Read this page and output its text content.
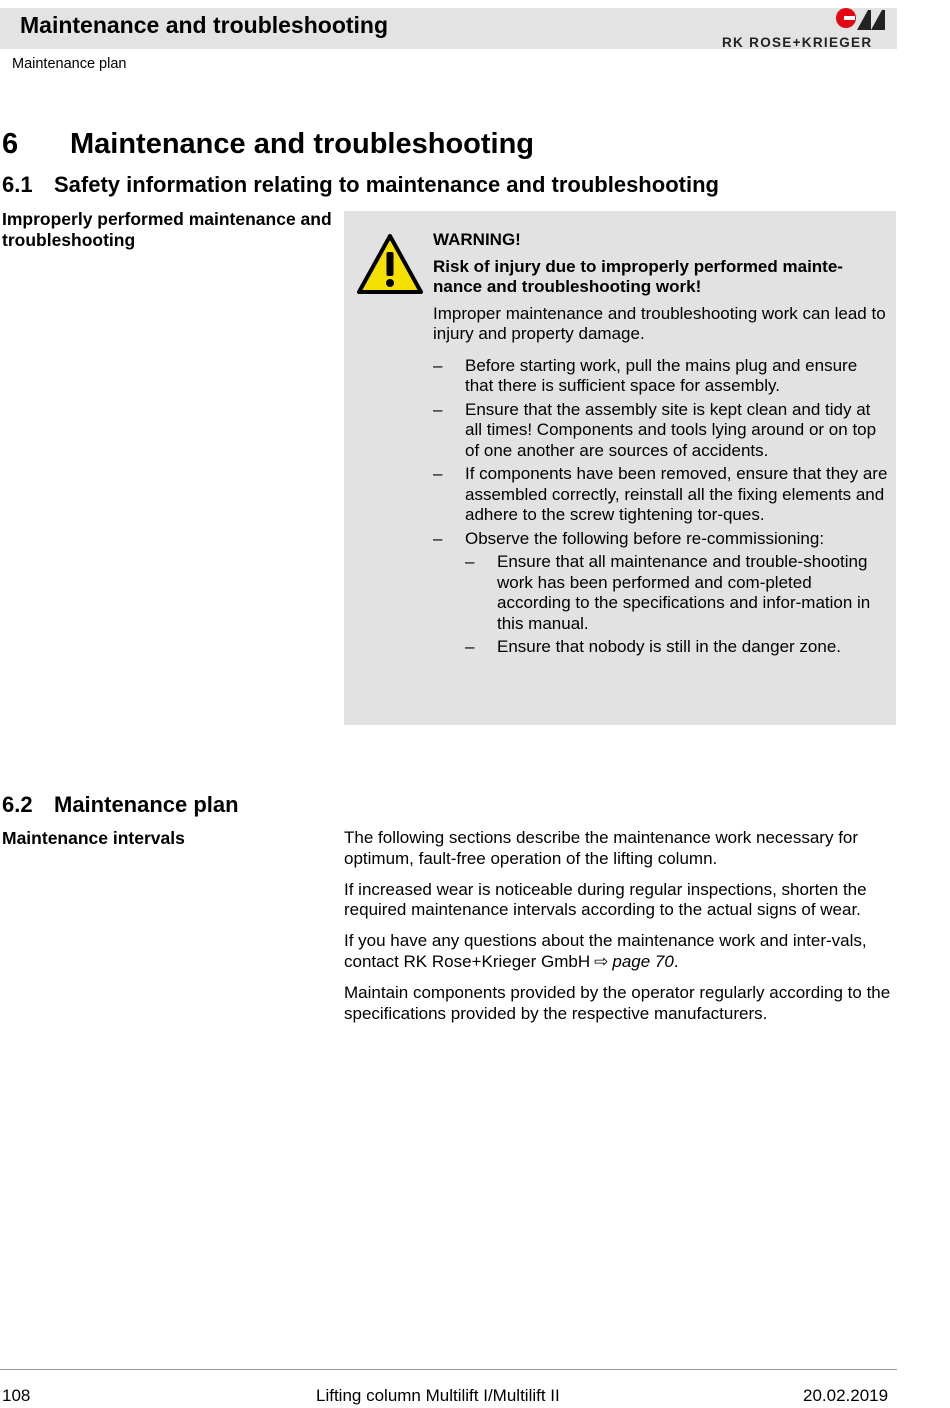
Maintenance and troubleshooting
Maintenance plan
RK ROSE+KRIEGER
6 Maintenance and troubleshooting
6.1 Safety information relating to maintenance and troubleshooting
Improperly performed maintenance and troubleshooting	WARNING!

Risk of injury due to improperly performed mainte-nance and troubleshooting work!

Improper maintenance and troubleshooting work can lead to injury and property damage.

– Before starting work, pull the mains plug and ensure that there is sufficient space for assembly.
– Ensure that the assembly site is kept clean and tidy at all times! Components and tools lying around or on top of one another are sources of accidents.
– If components have been removed, ensure that they are assembled correctly, reinstall all the fixing elements and adhere to the screw tightening tor-ques.
– Observe the following before re-commissioning:
– Ensure that all maintenance and trouble-shooting work has been performed and com-pleted according to the specifications and infor-mation in this manual.
– Ensure that nobody is still in the danger zone.
6.2 Maintenance plan
Maintenance intervals	The following sections describe the maintenance work necessary for optimum, fault-free operation of the lifting column.

If increased wear is noticeable during regular inspections, shorten the required maintenance intervals according to the actual signs of wear.

If you have any questions about the maintenance work and inter-vals, contact RK Rose+Krieger GmbH ⇨ page 70.

Maintain components provided by the operator regularly according to the specifications provided by the respective manufacturers.

108	Lifting column Multilift I/Multilift II	20.02.2019
